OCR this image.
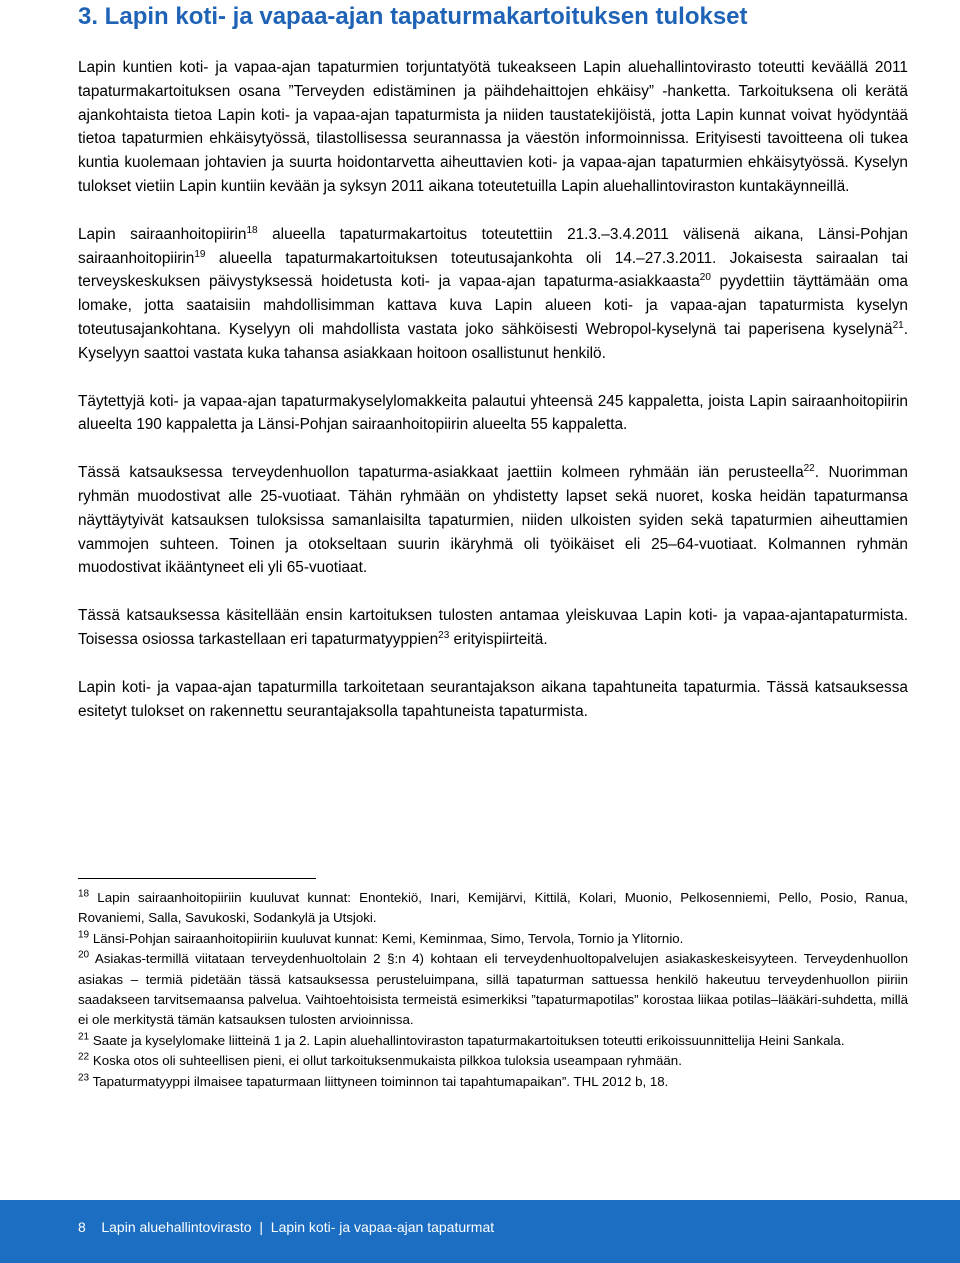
3. Lapin koti- ja vapaa-ajan tapaturmakartoituksen tulokset

Lapin kuntien koti- ja vapaa-ajan tapaturmien torjuntatyötä tukeakseen Lapin aluehallintovirasto toteutti keväällä 2011 tapaturmakartoituksen osana ”Terveyden edistäminen ja päihdehaittojen ehkäisy” -hanketta. Tarkoituksena oli kerätä ajankohtaista tietoa Lapin koti- ja vapaa-ajan tapaturmista ja niiden taustatekijöistä, jotta Lapin kunnat voivat hyödyntää tietoa tapaturmien ehkäisytyössä, tilastollisessa seurannassa ja väestön informoinnissa. Erityisesti tavoitteena oli tukea kuntia kuolemaan johtavien ja suurta hoidontarvetta aiheuttavien koti- ja vapaa-ajan tapaturmien ehkäisytyössä. Kyselyn tulokset vietiin Lapin kuntiin kevään ja syksyn 2011 aikana toteutetuilla Lapin aluehallintoviraston kuntakäynneillä.

Lapin sairaanhoitopiirin$^{18}$ alueella tapaturmakartoitus toteutettiin 21.3.–3.4.2011 välisenä aikana, Länsi-Pohjan sairaanhoitopiirin$^{19}$ alueella tapaturmakartoituksen toteutusajankohta oli 14.–27.3.2011. Jokaisesta sairaalan tai terveyskeskuksen päivystyksessä hoidetusta koti- ja vapaa-ajan tapaturma-asiakkaasta$^{20}$ pyydettiin täyttämään oma lomake, jotta saataisiin mahdollisimman kattava kuva Lapin alueen koti- ja vapaa-ajan tapaturmista kyselyn toteutusajankohtana. Kyselyyn oli mahdollista vastata joko sähköisesti Webropol-kyselynä tai paperisena kyselynä$^{21}$. Kyselyyn saattoi vastata kuka tahansa asiakkaan hoitoon osallistunut henkilö.

Täytettyjä koti- ja vapaa-ajan tapaturmakyselylomakkeita palautui yhteensä 245 kappaletta, joista Lapin sairaanhoitopiirin alueelta 190 kappaletta ja Länsi-Pohjan sairaanhoitopiirin alueelta 55 kappaletta.

Tässä katsauksessa terveydenhuollon tapaturma-asiakkaat jaettiin kolmeen ryhmään iän perusteella$^{22}$. Nuorimman ryhmän muodostivat alle 25-vuotiaat. Tähän ryhmään on yhdistetty lapset sekä nuoret, koska heidän tapaturmansa näyttäytyivät katsauksen tuloksissa samanlaisilta tapaturmien, niiden ulkoisten syiden sekä tapaturmien aiheuttamien vammojen suhteen. Toinen ja otokseltaan suurin ikäryhmä oli työikäiset eli 25–64-vuotiaat. Kolmannen ryhmän muodostivat ikääntyneet eli yli 65-vuotiaat.

Tässä katsauksessa käsitellään ensin kartoituksen tulosten antamaa yleiskuvaa Lapin koti- ja vapaa-ajantapaturmista. Toisessa osiossa tarkastellaan eri tapaturmatyyppien$^{23}$ erityispiirteitä.

Lapin koti- ja vapaa-ajan tapaturmilla tarkoitetaan seurantajakson aikana tapahtuneita tapaturmia. Tässä katsauksessa esitetyt tulokset on rakennettu seurantajaksolla tapahtuneista tapaturmista.

$^{18}$ Lapin sairaanhoitopiiriin kuuluvat kunnat: Enontekiö, Inari, Kemijärvi, Kittilä, Kolari, Muonio, Pelkosenniemi, Pello, Posio, Ranua, Rovaniemi, Salla, Savukoski, Sodankylä ja Utsjoki.

$^{19}$ Länsi-Pohjan sairaanhoitopiiriin kuuluvat kunnat: Kemi, Keminmaa, Simo, Tervola, Tornio ja Ylitornio.

$^{20}$ Asiakas-termillä viitataan terveydenhuoltolain 2 §:n 4) kohtaan eli terveydenhuoltopalvelujen asiakaskeskeisyyteen. Terveydenhuollon asiakas – termiä pidetään tässä katsauksessa perusteluimpana, sillä tapaturman sattuessa henkilö hakeutuu terveydenhuollon piiriin saadakseen tarvitsemaansa palvelua. Vaihtoehtoisista termeistä esimerkiksi ”tapaturmapotilas” korostaa liikaa potilas–lääkäri-suhdetta, millä ei ole merkitystä tämän katsauksen tulosten arvioinnissa.

$^{21}$ Saate ja kyselylomake liitteinä 1 ja 2. Lapin aluehallintoviraston tapaturmakartoituksen toteutti erikoissuunnittelija Heini Sankala.

$^{22}$ Koska otos oli suhteellisen pieni, ei ollut tarkoituksenmukaista pilkkoa tuloksia useampaan ryhmään.

$^{23}$ Tapaturmatyyppi ilmaisee tapaturmaan liittyneen toiminnon tai tapahtumapaikan”. THL 2012 b, 18.

8 Lapin aluehallintovirasto | Lapin koti- ja vapaa-ajan tapaturmat
